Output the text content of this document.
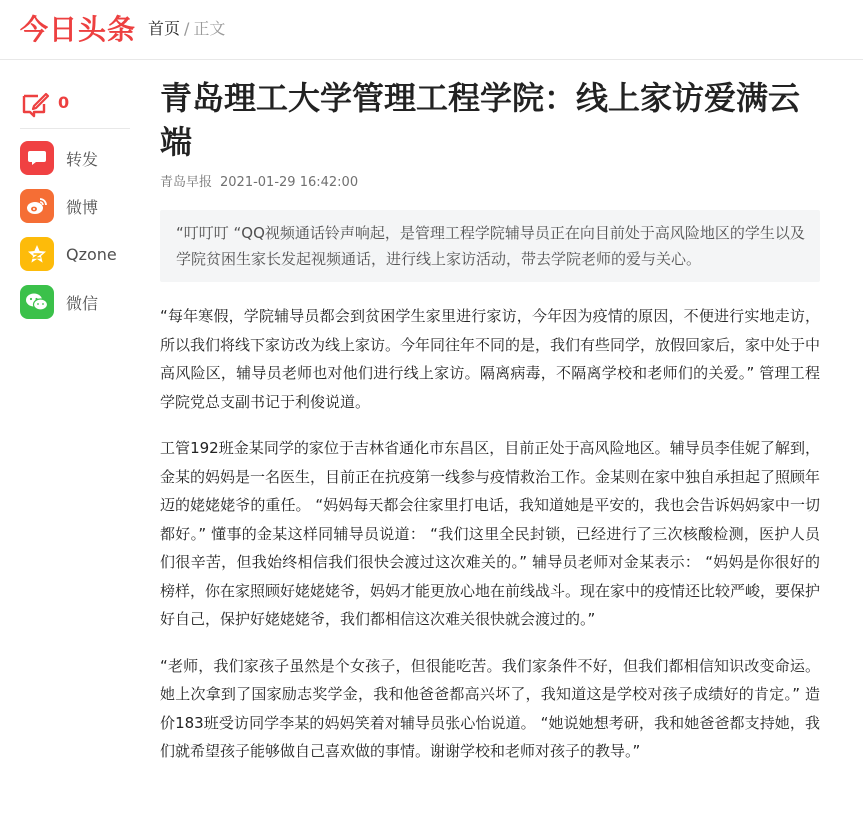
今日头条 首页 / 正文
0
转发
微博
Qzone
微信
青岛理工大学管理工程学院：线上家访爱满云端
青岛早报 2021-01-29 16:42:00
“叮叮叮 “QQ视频通话铃声响起，是管理工程学院辅导员正在向目前处于高风险地区的学生以及学院贫困生家长发起视频通话，进行线上家访活动，带去学院老师的爱与关心。

“每年寒假，学院辅导员都会到贫困学生家里进行家访，今年因为疫情的原因，不便进行实地走访，所以我们将线下家访改为线上家访。今年同往年不同的是，我们有些同学，放假回家后，家中处于中高风险区，辅导员老师也对他们进行线上家访。隔离病毒，不隔离学校和老师们的关爱。” 管理工程学院党总支副书记于利俊说道。

工管192班金某同学的家位于吉林省通化市东昌区，目前正处于高风险地区。辅导员李佳妮了解到，金某的妈妈是一名医生，目前正在抗疫第一线参与疫情救治工作。金某则在家中独自承担起了照顾年迈的姥姥姥爷的重任。 “妈妈每天都会往家里打电话，我知道她是平安的，我也会告诉妈妈家中一切都好。” 懂事的金某这样同辅导员说道： “我们这里全民封锁，已经进行了三次核酸检测，医护人员们很辛苦，但我始终相信我们很快会渡过这次难关的。” 辅导员老师对金某表示： “妈妈是你很好的榜样，你在家照顾好姥姥姥爷，妈妈才能更放心地在前线战斗。现在家中的疫情还比较严峻，要保护好自己，保护好姥姥姥爷，我们都相信这次难关很快就会渡过的。”

“老师，我们家孩子虽然是个女孩子，但很能吃苦。我们家条件不好，但我们都相信知识改变命运。她上次拿到了国家励志奖学金，我和他爸爸都高兴坏了，我知道这是学校对孩子成绩好的肯定。” 造价183班受访同学李某的妈妈笑着对辅导员张心怡说道。 “她说她想考研，我和她爸爸都支持她，我们就希望孩子能够做自己喜欢做的事情。谢谢学校和老师对孩子的教导。”
